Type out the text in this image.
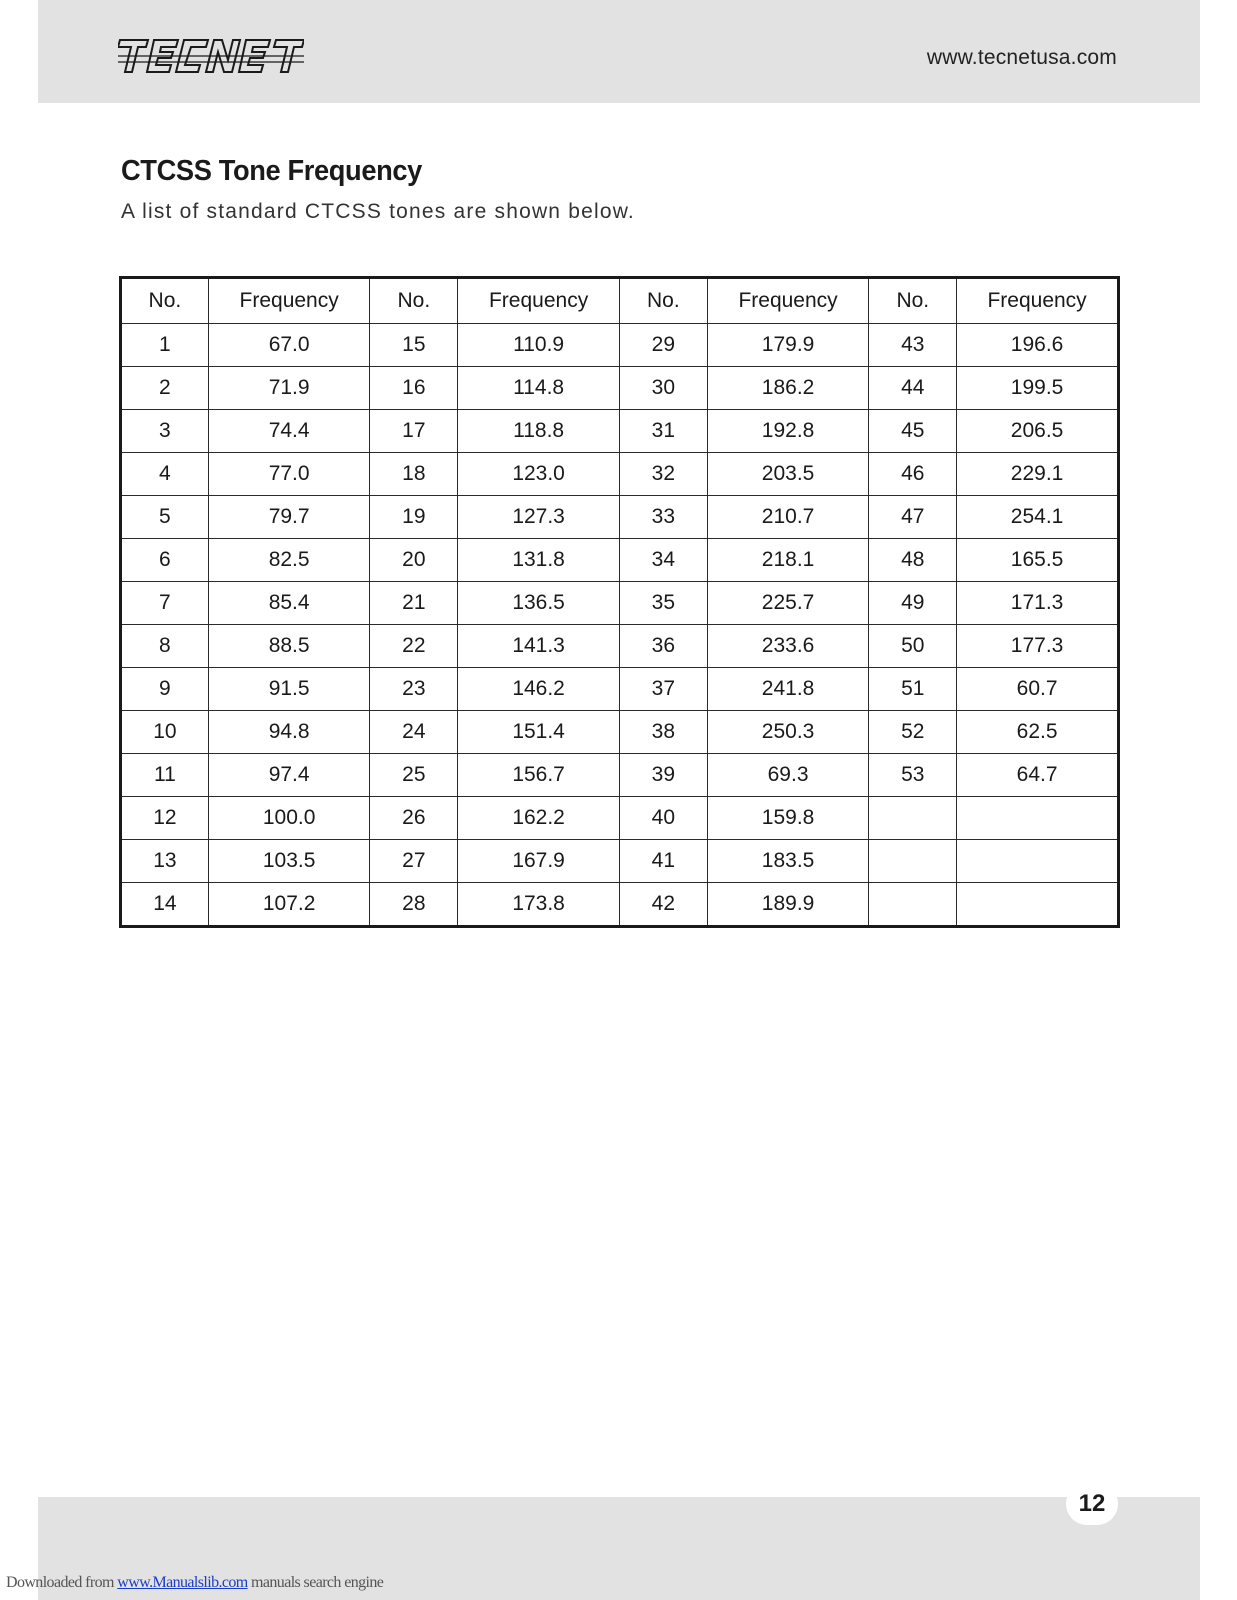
www.tecnetusa.com
CTCSS Tone Frequency
A list of standard CTCSS tones are shown below.
No.	Frequency	No.	Frequency	No.	Frequency	No.	Frequency
1	67.0	15	110.9	29	179.9	43	196.6
2	71.9	16	114.8	30	186.2	44	199.5
3	74.4	17	118.8	31	192.8	45	206.5
4	77.0	18	123.0	32	203.5	46	229.1
5	79.7	19	127.3	33	210.7	47	254.1
6	82.5	20	131.8	34	218.1	48	165.5
7	85.4	21	136.5	35	225.7	49	171.3
8	88.5	22	141.3	36	233.6	50	177.3
9	91.5	23	146.2	37	241.8	51	60.7
10	94.8	24	151.4	38	250.3	52	62.5
11	97.4	25	156.7	39	69.3	53	64.7
12	100.0	26	162.2	40	159.8		
13	103.5	27	167.9	41	183.5		
14	107.2	28	173.8	42	189.9		
12
Downloaded from www.Manualslib.com manuals search engine
